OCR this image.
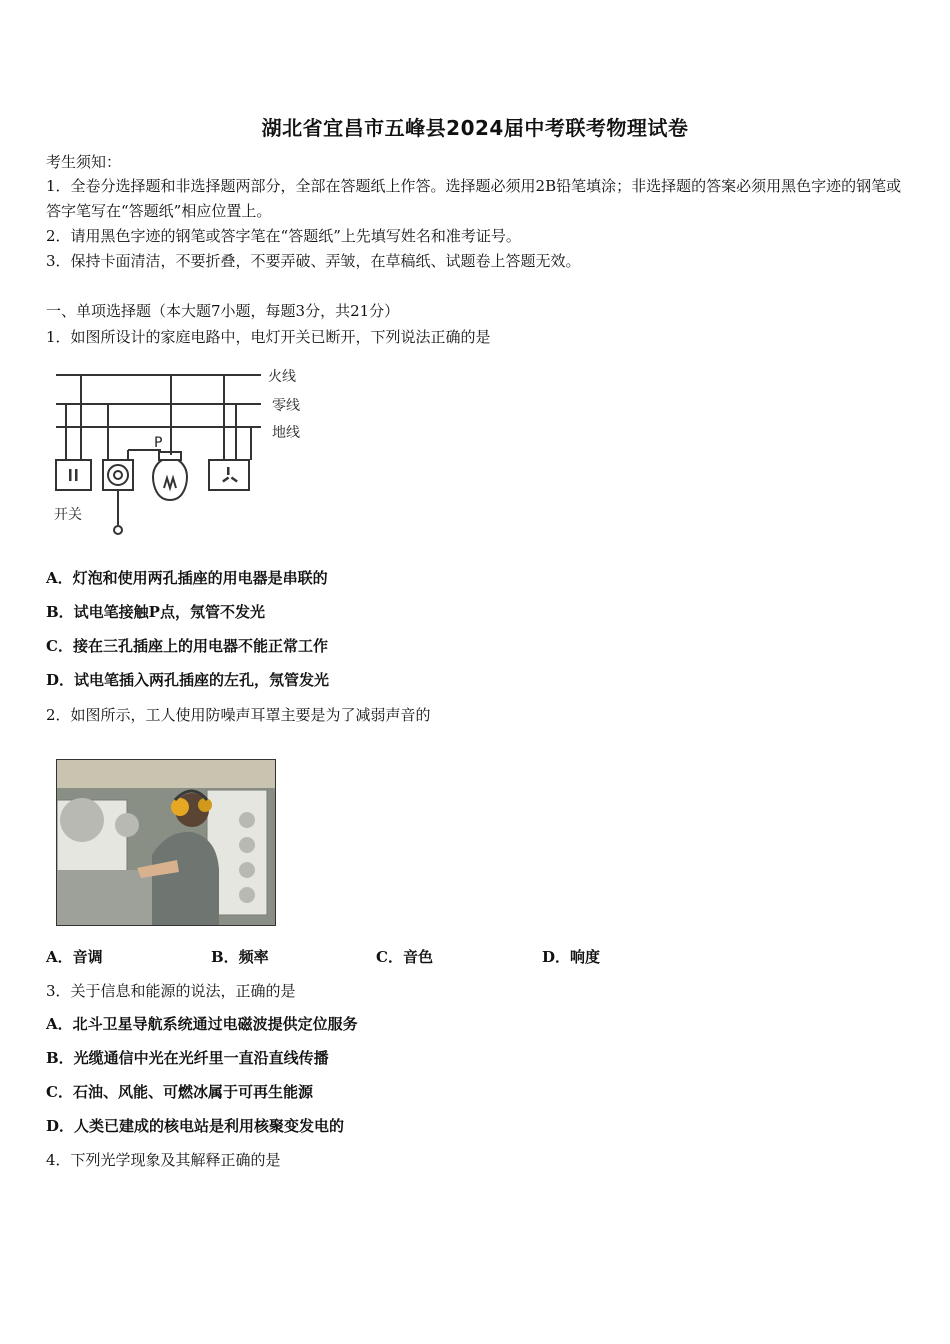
湖北省宜昌市五峰县2024届中考联考物理试卷
考生须知：
1．全卷分选择题和非选择题两部分，全部在答题纸上作答。选择题必须用2B铅笔填涂；非选择题的答案必须用黑色字迹的钢笔或答字笔写在“答题纸”相应位置上。
2．请用黑色字迹的钢笔或答字笔在“答题纸”上先填写姓名和准考证号。
3．保持卡面清洁，不要折叠，不要弄破、弄皱，在草稿纸、试题卷上答题无效。
一、单项选择题（本大题7小题，每题3分，共21分）
1．如图所设计的家庭电路中，电灯开关已断开，下列说法正确的是
火线
零线
地线
开关
P
A．灯泡和使用两孔插座的用电器是串联的
B．试电笔接触P点，氖管不发光
C．接在三孔插座上的用电器不能正常工作
D．试电笔插入两孔插座的左孔，氖管发光
2．如图所示，工人使用防噪声耳罩主要是为了减弱声音的
A．音调	B．频率	C．音色	D．响度
3．关于信息和能源的说法，正确的是
A．北斗卫星导航系统通过电磁波提供定位服务
B．光缆通信中光在光纤里一直沿直线传播
C．石油、风能、可燃冰属于可再生能源
D．人类已建成的核电站是利用核聚变发电的
4．下列光学现象及其解释正确的是
